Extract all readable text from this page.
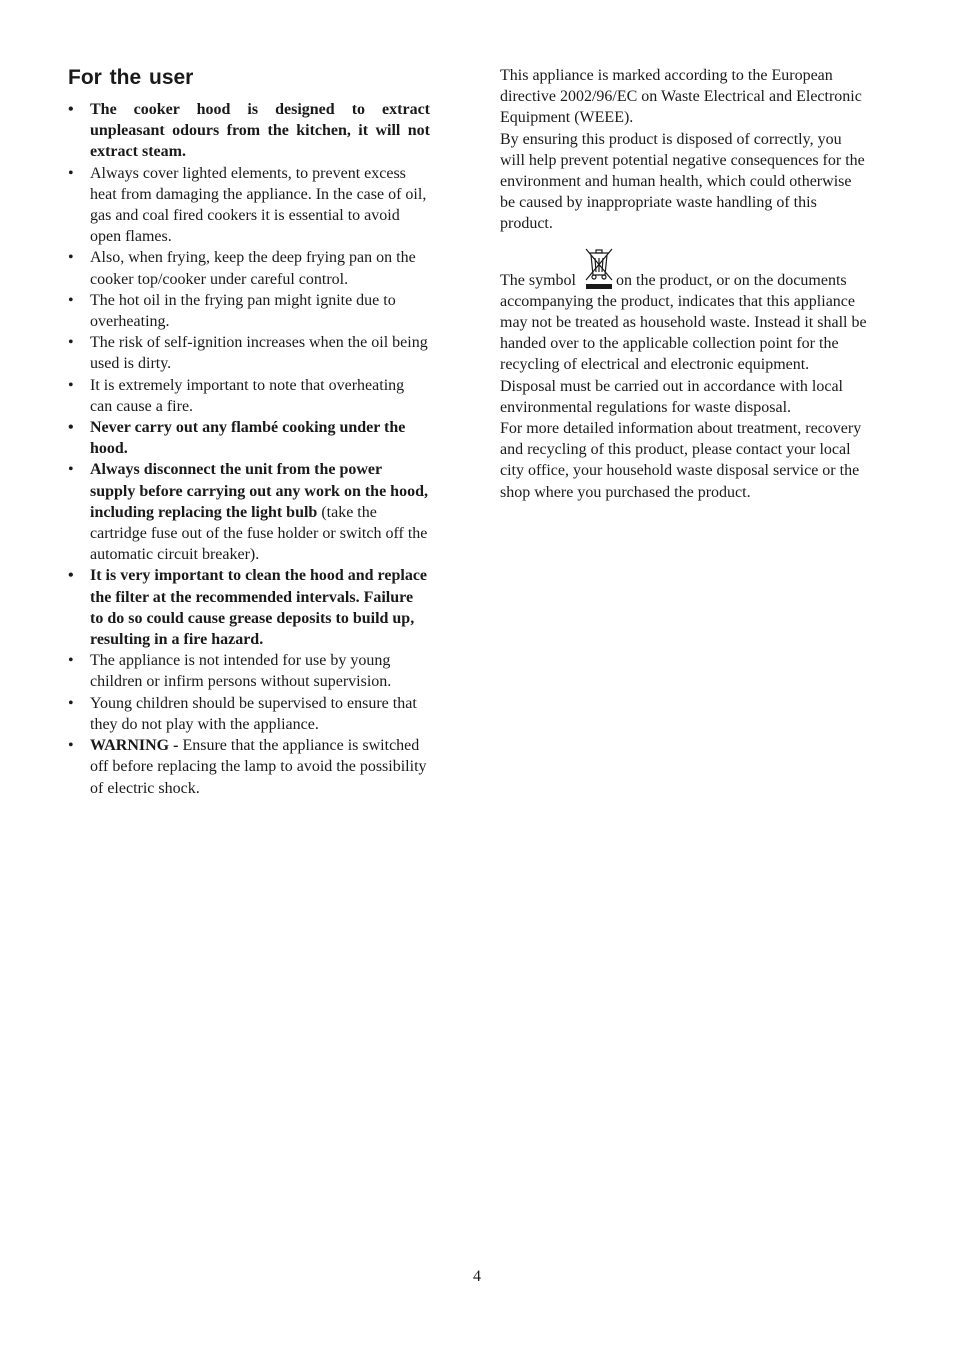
For the user
• The cooker hood is designed to extract unpleasant odours from the kitchen, it will not extract steam.
• Always cover lighted elements, to prevent excess heat from damaging the appliance. In the case of oil, gas and coal fired cookers it is essential to avoid open flames.
• Also, when frying, keep the deep frying pan on the cooker top/cooker under careful control.
• The hot oil in the frying pan might ignite due to overheating.
• The risk of self-ignition increases when the oil being used is dirty.
• It is extremely important to note that overheating can cause a fire.
• Never carry out any flambé cooking under the hood.
• Always disconnect the unit from the power supply before carrying out any work on the hood, including replacing the light bulb (take the cartridge fuse out of the fuse holder or switch off the automatic circuit breaker).
• It is very important to clean the hood and replace the filter at the recommended intervals. Failure to do so could cause grease deposits to build up, resulting in a fire hazard.
• The appliance is not intended for use by young children or infirm persons without supervision.
• Young children should be supervised to ensure that they do not play with the appliance.
• WARNING - Ensure that the appliance is switched off before replacing the lamp to avoid the possibility of electric shock.

This appliance is marked according to the European directive 2002/96/EC on Waste Electrical and Electronic Equipment (WEEE).

By ensuring this product is disposed of correctly, you will help prevent potential negative consequences for the environment and human health, which could otherwise be caused by inappropriate waste handling of this product.

The symbol on the product, or on the documents accompanying the product, indicates that this appliance may not be treated as household waste. Instead it shall be handed over to the applicable collection point for the recycling of electrical and electronic equipment.

Disposal must be carried out in accordance with local environmental regulations for waste disposal.

For more detailed information about treatment, recovery and recycling of this product, please contact your local city office, your household waste disposal service or the shop where you purchased the product.

4
